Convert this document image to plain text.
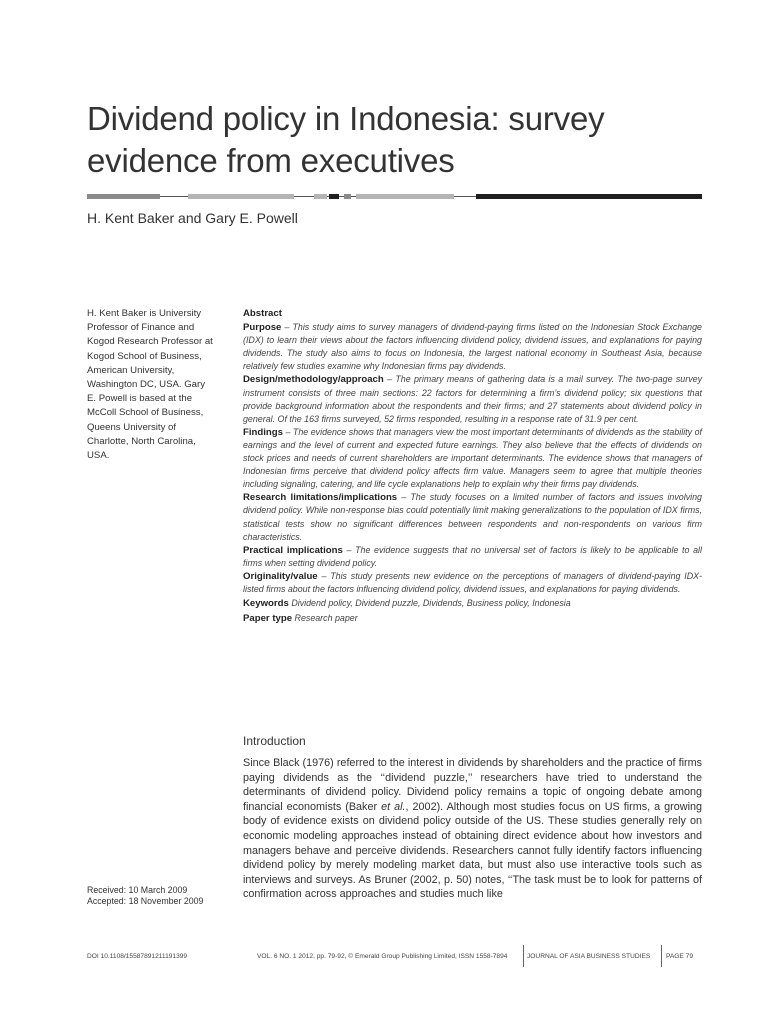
Dividend policy in Indonesia: survey evidence from executives
H. Kent Baker and Gary E. Powell
H. Kent Baker is University Professor of Finance and Kogod Research Professor at Kogod School of Business, American University, Washington DC, USA. Gary E. Powell is based at the McColl School of Business, Queens University of Charlotte, North Carolina, USA.
Abstract

Purpose – This study aims to survey managers of dividend-paying firms listed on the Indonesian Stock Exchange (IDX) to learn their views about the factors influencing dividend policy, dividend issues, and explanations for paying dividends. The study also aims to focus on Indonesia, the largest national economy in Southeast Asia, because relatively few studies examine why Indonesian firms pay dividends.

Design/methodology/approach – The primary means of gathering data is a mail survey. The two-page survey instrument consists of three main sections: 22 factors for determining a firm’s dividend policy; six questions that provide background information about the respondents and their firms; and 27 statements about dividend policy in general. Of the 163 firms surveyed, 52 firms responded, resulting in a response rate of 31.9 per cent.

Findings – The evidence shows that managers view the most important determinants of dividends as the stability of earnings and the level of current and expected future earnings. They also believe that the effects of dividends on stock prices and needs of current shareholders are important determinants. The evidence shows that managers of Indonesian firms perceive that dividend policy affects firm value. Managers seem to agree that multiple theories including signaling, catering, and life cycle explanations help to explain why their firms pay dividends.

Research limitations/implications – The study focuses on a limited number of factors and issues involving dividend policy. While non-response bias could potentially limit making generalizations to the population of IDX firms, statistical tests show no significant differences between respondents and non-respondents on various firm characteristics.

Practical implications – The evidence suggests that no universal set of factors is likely to be applicable to all firms when setting dividend policy.

Originality/value – This study presents new evidence on the perceptions of managers of dividend-paying IDX-listed firms about the factors influencing dividend policy, dividend issues, and explanations for paying dividends.

Keywords Dividend policy, Dividend puzzle, Dividends, Business policy, Indonesia

Paper type Research paper

Introduction

Since Black (1976) referred to the interest in dividends by shareholders and the practice of firms paying dividends as the ‘‘dividend puzzle,’’ researchers have tried to understand the determinants of dividend policy. Dividend policy remains a topic of ongoing debate among financial economists (Baker et al., 2002). Although most studies focus on US firms, a growing body of evidence exists on dividend policy outside of the US. These studies generally rely on economic modeling approaches instead of obtaining direct evidence about how investors and managers behave and perceive dividends. Researchers cannot fully identify factors influencing dividend policy by merely modeling market data, but must also use interactive tools such as interviews and surveys. As Bruner (2002, p. 50) notes, ‘‘The task must be to look for patterns of confirmation across approaches and studies much like

Received: 10 March 2009
Accepted: 18 November 2009
DOI 10.1108/15587891211191399	VOL. 6 NO. 1 2012, pp. 79-92, © Emerald Group Publishing Limited, ISSN 1558-7894	JOURNAL OF ASIA BUSINESS STUDIES PAGE 79
